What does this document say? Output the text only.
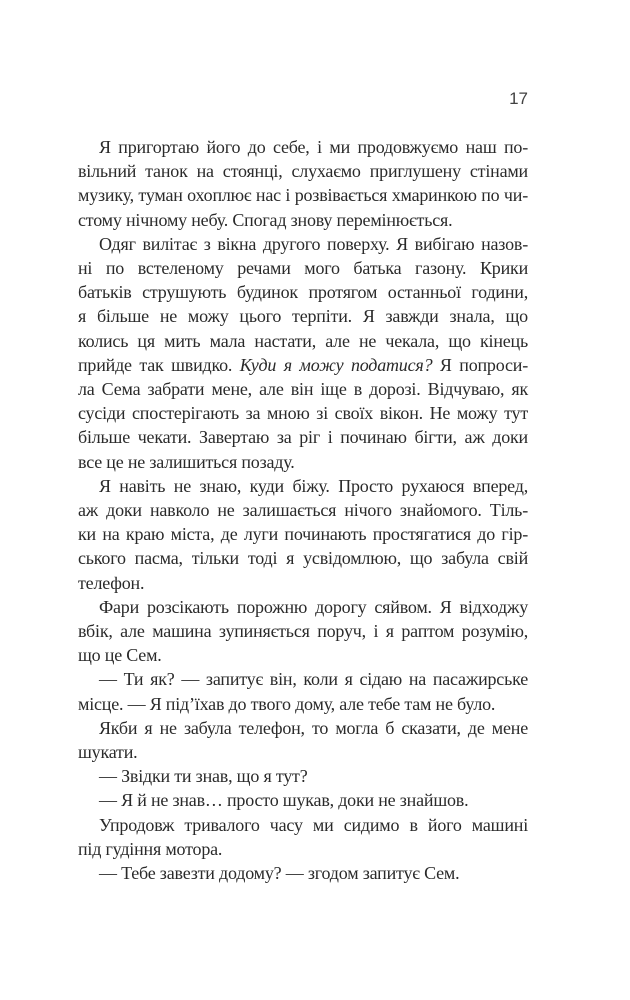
17
Я пригортаю його до себе, і ми продовжуємо наш по-
вільний танок на стоянці, слухаємо приглушену стінами
музику, туман охоплює нас і розвівається хмаринкою по чи-
стому нічному небу. Спогад знову перемінюється.
Одяг вилітає з вікна другого поверху. Я вибігаю назов-
ні по встеленому речами мого батька газону. Крики
батьків струшують будинок протягом останньої години,
я більше не можу цього терпіти. Я завжди знала, що
колись ця мить мала настати, але не чекала, що кінець
прийде так швидко. Куди я можу податися? Я попроси-
ла Сема забрати мене, але він іще в дорозі. Відчуваю, як
сусіди спостерігають за мною зі своїх вікон. Не можу тут
більше чекати. Завертаю за ріг і починаю бігти, аж доки
все це не залишиться позаду.
Я навіть не знаю, куди біжу. Просто рухаюся вперед,
аж доки навколо не залишається нічого знайомого. Тіль-
ки на краю міста, де луги починають простягатися до гір-
ського пасма, тільки тоді я усвідомлюю, що забула свій
телефон.
Фари розсікають порожню дорогу сяйвом. Я відходжу
вбік, але машина зупиняється поруч, і я раптом розумію,
що це Сем.
— Ти як? — запитує він, коли я сідаю на пасажирське
місце. — Я під’їхав до твого дому, але тебе там не було.
Якби я не забула телефон, то могла б сказати, де мене
шукати.
— Звідки ти знав, що я тут?
— Я й не знав… просто шукав, доки не знайшов.
Упродовж тривалого часу ми сидимо в його машині
під гудіння мотора.
— Тебе завезти додому? — згодом запитує Сем.
